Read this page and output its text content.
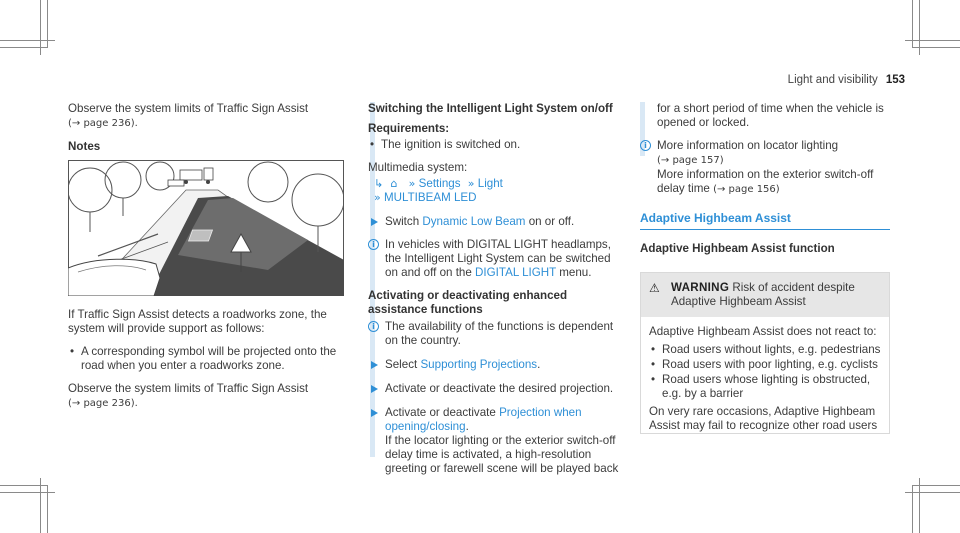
Light and visibility 153
Observe the system limits of Traffic Sign Assist
(→ page 236).
Notes
If Traffic Sign Assist detects a roadworks zone, the system will provide support as follows:
• A corresponding symbol will be projected onto the road when you enter a roadworks zone.
Observe the system limits of Traffic Sign Assist
(→ page 236).
Switching the Intelligent Light System on/off
Requirements:
• The ignition is switched on.
Multimedia system:
↳ ⌂ » Settings » Light
» MULTIBEAM LED
Switch Dynamic Low Beam on or off.
i In vehicles with DIGITAL LIGHT headlamps, the Intelligent Light System can be switched on and off on the DIGITAL LIGHT menu.
Activating or deactivating enhanced assistance functions
i The availability of the functions is dependent on the country.
Select Supporting Projections.
Activate or deactivate the desired projection.
Activate or deactivate Projection when opening/closing.
If the locator lighting or the exterior switch-off delay time is activated, a high-resolution greeting or farewell scene will be played back
for a short period of time when the vehicle is opened or locked.
i More information on locator lighting
(→ page 157)
More information on the exterior switch-off delay time (→ page 156)
Adaptive Highbeam Assist
Adaptive Highbeam Assist function
⚠ WARNING Risk of accident despite Adaptive Highbeam Assist
Adaptive Highbeam Assist does not react to:
• Road users without lights, e.g. pedestrians
• Road users with poor lighting, e.g. cyclists
• Road users whose lighting is obstructed, e.g. by a barrier
On very rare occasions, Adaptive Highbeam Assist may fail to recognize other road users
